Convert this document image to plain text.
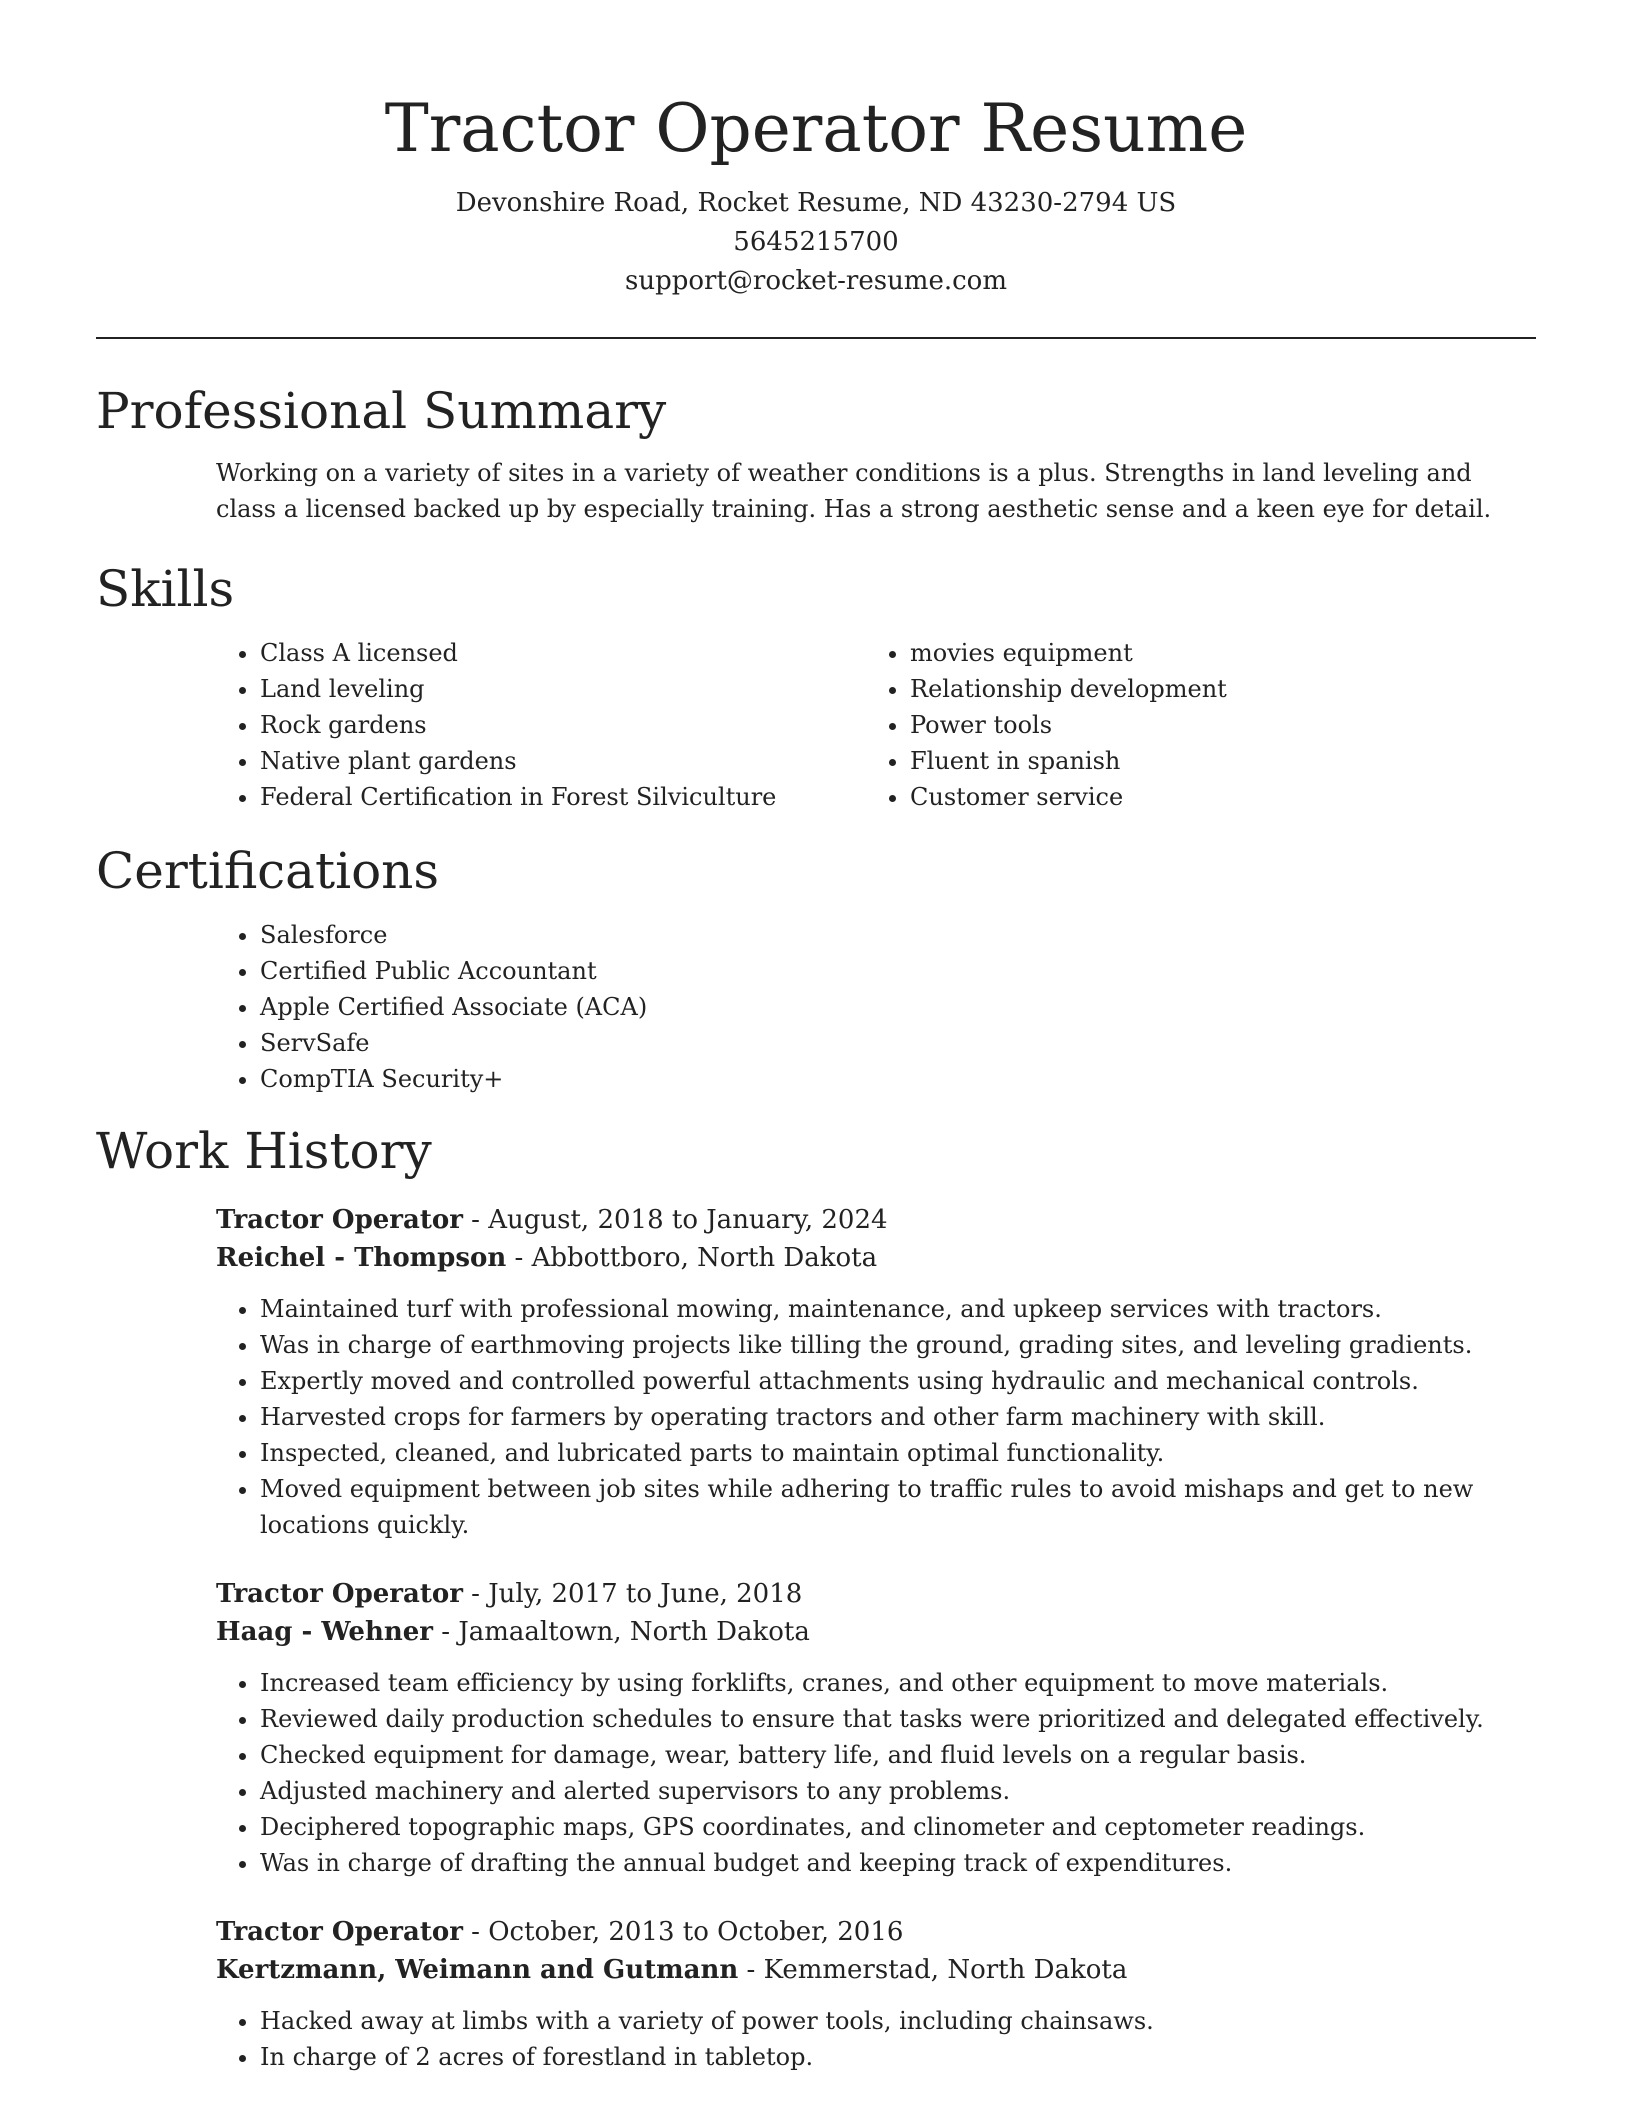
Tractor Operator Resume
Devonshire Road, Rocket Resume, ND 43230-2794 US
5645215700
support@rocket-resume.com
Professional Summary

Working on a variety of sites in a variety of weather conditions is a plus. Strengths in land leveling and class a licensed backed up by especially training. Has a strong aesthetic sense and a keen eye for detail.

Skills
• Class A licensed
• Land leveling
• Rock gardens
• Native plant gardens
• Federal Certification in Forest Silviculture
• movies equipment
• Relationship development
• Power tools
• Fluent in spanish
• Customer service
Certifications
• Salesforce
• Certified Public Accountant
• Apple Certified Associate (ACA)
• ServSafe
• CompTIA Security+
Work History
Tractor Operator - August, 2018 to January, 2024
Reichel - Thompson - Abbottboro, North Dakota
• Maintained turf with professional mowing, maintenance, and upkeep services with tractors.
• Was in charge of earthmoving projects like tilling the ground, grading sites, and leveling gradients.
• Expertly moved and controlled powerful attachments using hydraulic and mechanical controls.
• Harvested crops for farmers by operating tractors and other farm machinery with skill.
• Inspected, cleaned, and lubricated parts to maintain optimal functionality.
• Moved equipment between job sites while adhering to traffic rules to avoid mishaps and get to new locations quickly.
Tractor Operator - July, 2017 to June, 2018
Haag - Wehner - Jamaaltown, North Dakota
• Increased team efficiency by using forklifts, cranes, and other equipment to move materials.
• Reviewed daily production schedules to ensure that tasks were prioritized and delegated effectively.
• Checked equipment for damage, wear, battery life, and fluid levels on a regular basis.
• Adjusted machinery and alerted supervisors to any problems.
• Deciphered topographic maps, GPS coordinates, and clinometer and ceptometer readings.
• Was in charge of drafting the annual budget and keeping track of expenditures.
Tractor Operator - October, 2013 to October, 2016
Kertzmann, Weimann and Gutmann - Kemmerstad, North Dakota
• Hacked away at limbs with a variety of power tools, including chainsaws.
• In charge of 2 acres of forestland in tabletop.
